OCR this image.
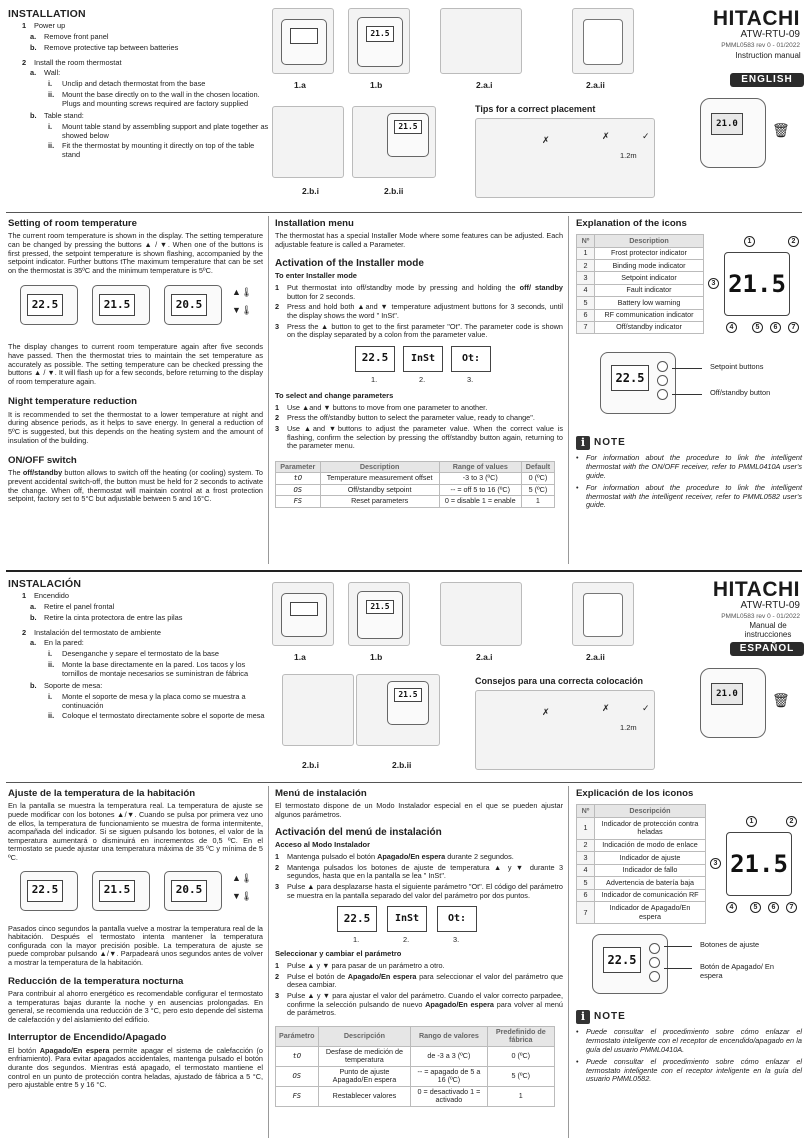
INSTALLATION
1 Power up
a. Remove front panel
b. Remove protective tap between batteries
2 Install the room thermostat
a. Wall:
i.	Unclip and detach thermostat from the base
ii.	Mount the base directly on to the wall in the chosen location. Plugs and mounting screws required are factory supplied
b. Table stand:
i.	Mount table stand by assembling support and plate together as showed below
ii.	Fit the thermostat by mounting it directly on top of the table stand
1.a
21.5
1.b	2.a.i	2.a.ii
2.b.i
21.5
2.b.ii
Tips for a correct placement
✗	✗	✓
1.2m
HITACHI
ATW-RTU-09
PMML0583 rev 0 - 01/2022
Instruction manual
ENGLISH
21.0	🗑
Setting of room temperature
The current room temperature is shown in the display. The setting temperature can be changed by pressing the buttons ▲ / ▼. When one of the buttons is first pressed, the setpoint temperature is shown flashing, accompanied by the setpoint indicator. Further buttons tThe maximum temperature that can be set on the thermostat is 35ºC and the minimum temperature is 5ºC.
22.5	21.5	20.5
▲🌡
▼🌡
The display changes to current room temperature again after five seconds have passed. Then the thermostat tries to maintain the set temperature as accurately as possible. The setting temperature can be checked pressing the buttons ▲ / ▼. It will flash up for a few seconds, before returning to the display of room temperature again.
Night temperature reduction
It is recommended to set the thermostat to a lower temperature at night and during absence periods, as it helps to save energy. In general a reduction of 5ºC is suggested, but this depends on the heating system and the amount of insulation of the building.
ON/OFF switch
The off/standby button allows to switch off the heating (or cooling) system. To prevent accidental switch-off, the button must be held for 2 seconds to activate the change. When off, thermostat will maintain control at a frost protection setpoint, factory set to 5°C but adjustable between 5 and 16°C.
Installation menu
The thermostat has a special Installer Mode where some features can be adjusted. Each adjustable feature is called a Parameter.
Activation of the Installer mode
To enter Installer mode
1	Put thermostat into off/standby mode by pressing and holding the off/ standby button for 2 seconds.
2	Press and hold both ▲and ▼ temperature adjustment buttons for 3 seconds, until the display shows the word " InSt".
3	Press the ▲ button to get to the first parameter "Ot". The parameter code is shown on the display separated by a colon from the parameter value.
22.5	InSt	Ot:
1.	2.	3.
To select and change parameters
1	Use ▲and ▼ buttons to move from one parameter to another.
2	Press the off/standby button to select the parameter value, ready to change".
3	Use ▲and ▼buttons to adjust the parameter value. When the correct value is flashing, confirm the selection by pressing the off/standby button again, returning to the parameter menu.
Parameter	Description	Range of values	Default
tO	Temperature measurement offset	-3 to 3 (ºC)	0 (ºC)
OS	Off/standby setpoint	-- = off 5 to 16 (ºC)	5 (ºC)
FS	Reset parameters	0 = disable 1 = enable	1
Explanation of the icons
Nº	Description
1	Frost protector indicator
2	Binding mode indicator
3	Setpoint indicator
4	Fault indicator
5	Battery low warning
6	RF communication indicator
7	Off/standby indicator
21.5
1	2
3
4	5	6	7
22.5
Setpoint buttons
Off/standby button
i NOTE
• For information about the procedure to link the intelligent thermostat with the ON/OFF receiver, refer to PMML0410A user's guide.
• For information about the procedure to link the intelligent thermostat with the intelligent receiver, refer to PMML0582 user's guide.
INSTALACIÓN
1 Encendido
a. Retire el panel frontal
b. Retire la cinta protectora de entre las pilas
2 Instalación del termostato de ambiente
a. En la pared:
i.	Desenganche y separe el termostato de la base
ii.	Monte la base directamente en la pared. Los tacos y los tornillos de montaje necesarios se suministran de fábrica
b. Soporte de mesa:
i.	Monte el soporte de mesa y la placa como se muestra a continuación
ii.	Coloque el termostato directamente sobre el soporte de mesa
1.a
21.5
1.b	2.a.i	2.a.ii
2.b.i
21.5
2.b.ii
Consejos para una correcta colocación
✗	✗	✓
1.2m
HITACHI
ATW-RTU-09
PMML0583 rev 0 - 01/2022
Manual de instrucciones
ESPAÑOL
21.0	🗑
Ajuste de la temperatura de la habitación
En la pantalla se muestra la temperatura real. La temperatura de ajuste se puede modificar con los botones ▲/▼. Cuando se pulsa por primera vez uno de ellos, la temperatura de funcionamiento se muestra de forma intermitente, acompañada del indicador. Si se siguen pulsando los botones, el valor de la temperatura aumentará o disminuirá en incrementos de 0,5 ºC. En el termostato se puede ajustar una temperatura máxima de 35 ºC y mínima de 5 ºC.
22.5	21.5	20.5
▲🌡
▼🌡
Pasados cinco segundos la pantalla vuelve a mostrar la temperatura real de la habitación. Después el termostato intenta mantener la temperatura configurada con la mayor precisión posible. La temperatura de ajuste se puede comprobar pulsando ▲/▼. Parpadeará unos segundos antes de volver a mostrar la temperatura de la habitación.
Reducción de la temperatura nocturna
Para contribuir al ahorro energético es recomendable configurar el termostato a temperaturas bajas durante la noche y en ausencias prolongadas. En general, se recomienda una reducción de 3 °C, pero esto depende del sistema de calefacción y del aislamiento del edificio.
Interruptor de Encendido/Apagado
El botón Apagado/En espera permite apagar el sistema de calefacción (o enfriamiento). Para evitar apagados accidentales, mantenga pulsado el botón durante dos segundos. Mientras está apagado, el termostato mantiene el control en un punto de protección contra heladas, ajustado de fábrica a 5 °C, pero ajustable entre 5 y 16 °C.
Menú de instalación
El termostato dispone de un Modo Instalador especial en el que se pueden ajustar algunos parámetros.
Activación del menú de instalación
Acceso al Modo Instalador
1	Mantenga pulsado el botón Apagado/En espera durante 2 segundos.
2	Mantenga pulsados los botones de ajuste de temperatura ▲ y ▼ durante 3 segundos, hasta que en la pantalla se lea " InSt".
3	Pulse ▲ para desplazarse hasta el siguiente parámetro "Ot". El código del parámetro se muestra en la pantalla separado del valor del parámetro por dos puntos.
22.5	InSt	Ot:
1.	2.	3.
Seleccionar y cambiar el parámetro
1	Pulse ▲ y ▼ para pasar de un parámetro a otro.
2	Pulse el botón de Apagado/En espera para seleccionar el valor del parámetro que desea cambiar.
3	Pulse ▲ y ▼ para ajustar el valor del parámetro. Cuando el valor correcto parpadee, confirme la selección pulsando de nuevo Apagado/En espera para volver al menú de parámetros.
Parámetro	Descripción	Rango de valores	Predefinido de fábrica
tO	Desfase de medición de temperatura	de -3 a 3 (ºC)	0 (ºC)
OS	Punto de ajuste Apagado/En espera	-- = apagado de 5 a 16 (ºC)	5 (ºC)
FS	Restablecer valores	0 = desactivado 1 = activado	1
Explicación de los iconos
Nº	Descripción
1	Indicador de protección contra heladas
2	Indicación de modo de enlace
3	Indicador de ajuste
4	Indicador de fallo
5	Advertencia de batería baja
6	Indicador de comunicación RF
7	Indicador de Apagado/En espera
21.5
1	2
3
4	5	6	7
22.5
Botones de ajuste
Botón de Apagado/ En espera
i NOTE
• Puede consultar el procedimiento sobre cómo enlazar el termostato inteligente con el receptor de encendido/apagado en la guía del usuario PMML0410A.
• Puede consultar el procedimiento sobre cómo enlazar el termostato inteligente con el receptor inteligente en la guía del usuario PMML0582.
